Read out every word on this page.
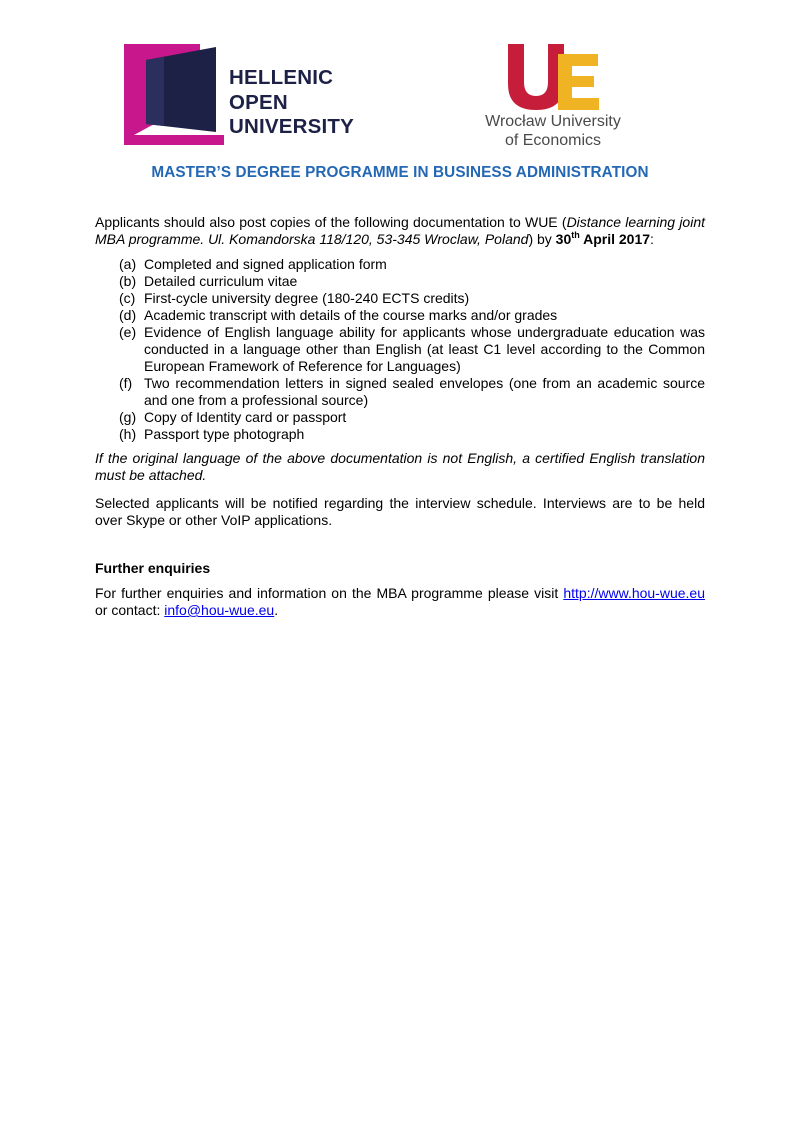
HELLENIC
OPEN
UNIVERSITY	Wrocław University
of Economics
MASTER’S DEGREE PROGRAMME IN BUSINESS ADMINISTRATION

Applicants should also post copies of the following documentation to WUE (Distance learning joint MBA programme. Ul. Komandorska 118/120, 53-345 Wroclaw, Poland) by 30th April 2017:

(a) Completed and signed application form
(b) Detailed curriculum vitae
(c) First-cycle university degree (180-240 ECTS credits)
(d) Academic transcript with details of the course marks and/or grades
(e) Evidence of English language ability for applicants whose undergraduate education was conducted in a language other than English (at least C1 level according to the Common European Framework of Reference for Languages)
(f) Two recommendation letters in signed sealed envelopes (one from an academic source and one from a professional source)
(g) Copy of Identity card or passport
(h) Passport type photograph

If the original language of the above documentation is not English, a certified English translation must be attached.

Selected applicants will be notified regarding the interview schedule. Interviews are to be held over Skype or other VoIP applications.

Further enquiries

For further enquiries and information on the MBA programme please visit http://www.hou-wue.eu or contact: info@hou-wue.eu.
